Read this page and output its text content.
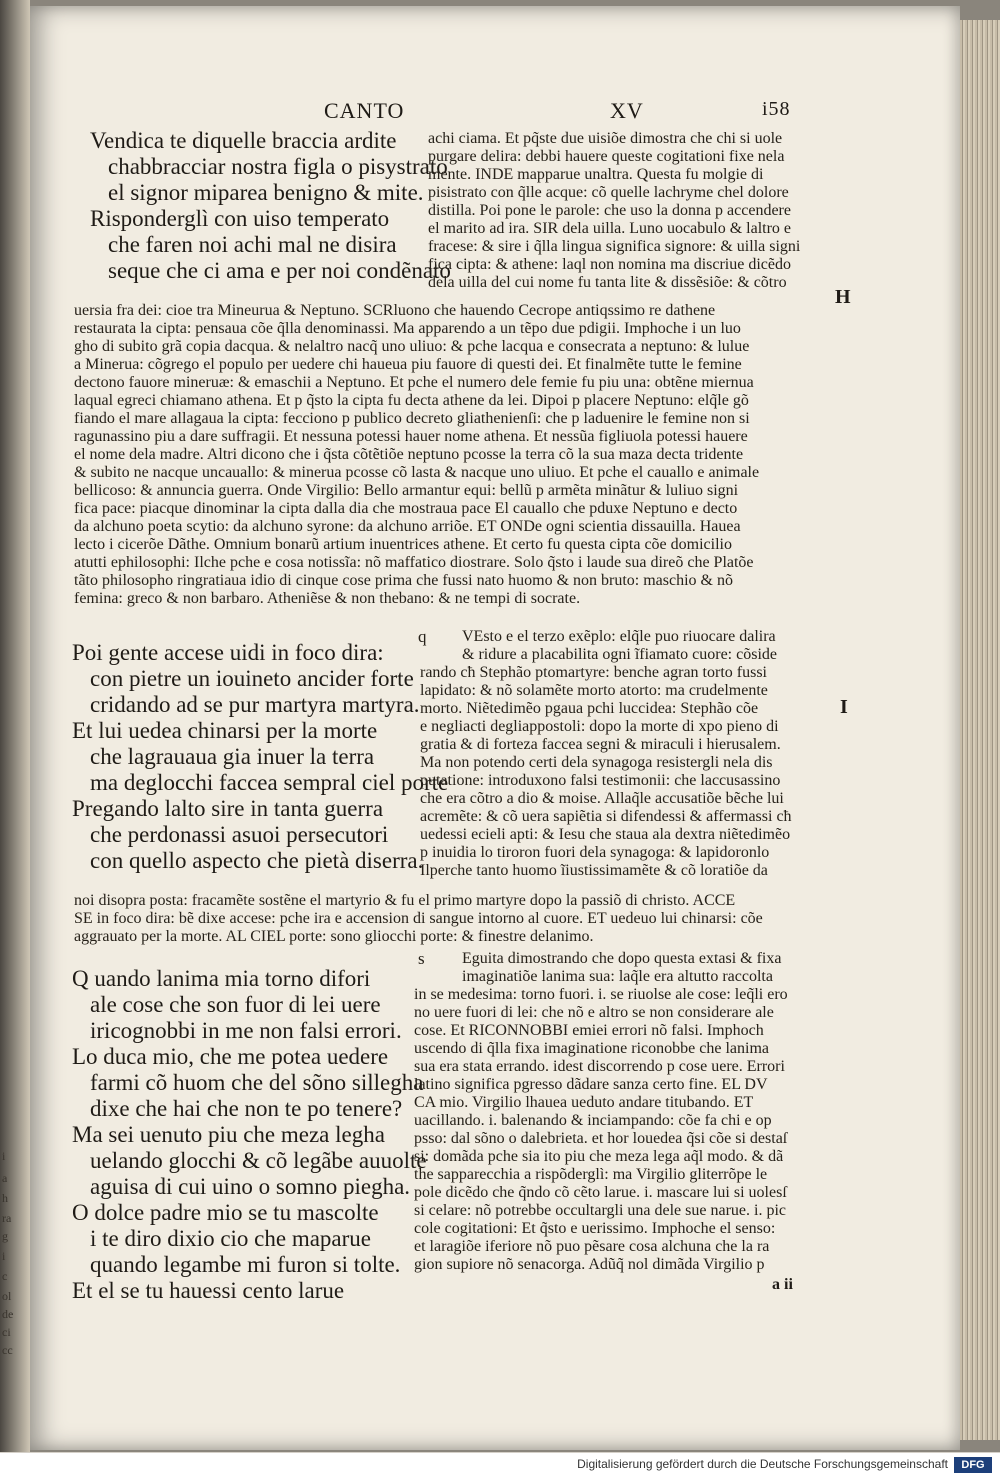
i
a
h
ra
g
i
c
ol
de
ci
cc
CANTO	XV	i58
Vendica te diquelle braccia ardite
chabbracciar nostra figla o pisystrato
el signor miparea benigno & mite.
Risponderglì con uiso temperato
che faren noi achi mal ne disira
seque che ci ama e per noi condẽnato
achi ciama. Et pq̃ste due uisiõe dimostra che chi si uole
purgare delira: debbi hauere queste cogitationi fixe nela
mente. INDE mapparue unaltra. Questa fu molgie di
pisistrato con q̃lle acque: cõ quelle lachryme chel dolore
distilla. Poi pone le parole: che uso la donna p accendere
el marito ad ira. SIR dela uilla. Luno uocabulo & laltro e
fracese: & sire i q̃lla lingua significa signore: & uilla signi
fica cipta: & athene: laql non nomina ma discriue dicẽdo
dela uilla del cui nome fu tanta lite & dissẽsiõe: & cõtro
H
uersia fra dei: cioe tra Mineurua & Neptuno. SCRluono che hauendo Cecrope antiqssimo re dathene
restaurata la cipta: pensaua cõe q̃lla denominassi. Ma apparendo a un tẽpo due pdigii. Imphoche i un luo
gho di subito grã copia dacqua. & nelaltro nacq̃ uno uliuo: & pche lacqua e consecrata a neptuno: & lulue
a Minerua: cõgrego el populo per uedere chi haueua piu fauore di questi dei. Et finalmẽte tutte le femine
dectono fauore mineruæ: & emaschii a Neptuno. Et pche el numero dele femie fu piu una: obtẽne miernua
laqual egreci chiamano athena. Et p q̃sto la cipta fu decta athene da lei. Dipoi p placere Neptuno: elq̃le gõ
fiando el mare allagaua la cipta: fecciono p publico decreto gliathenienſi: che p laduenire le femine non si
ragunassino piu a dare suffragii. Et nessuna potessi hauer nome athena. Et nessũa figliuola potessi hauere
el nome dela madre. Altri dicono che i q̃sta cõtẽtiõe neptuno pcosse la terra cõ la sua maza decta tridente
& subito ne nacque uncauallo: & minerua pcosse cõ lasta & nacque uno uliuo. Et pche el cauallo e animale
bellicoso: & annuncia guerra. Onde Virgilio: Bello armantur equi: bellũ p armẽta minãtur & luliuo signi
fica pace: piacque dinominar la cipta dalla dia che mostraua pace El cauallo che pduxe Neptuno e decto
da alchuno poeta scytio: da alchuno syrone: da alchuno arriõe. ET ONDe ogni scientia dissauilla. Hauea
lecto i cicerõe Dãthe. Omnium bonarũ artium inuentrices athene. Et certo fu questa cipta cõe domicilio
atutti ephilosophi: Ilche pche e cosa notissĩa: nõ maffatico diostrare. Solo q̃sto i laude sua direõ che Platõe
tãto philosopho ringratiaua idio di cinque cose prima che fussi nato huomo & non bruto: maschio & nõ
femina: greco & non barbaro. Atheniẽse & non thebano: & ne tempi di socrate.
Poi gente accese uidi in foco dira:
con pietre un iouineto ancider forte
cridando ad se pur martyra martyra.
Et lui uedea chinarsi per la morte
che lagrauaua gia inuer la terra
ma deglocchi faccea sempral ciel porte
Pregando lalto sire in tanta guerra
che perdonassi asuoi persecutori
con quello aspecto che pietà diserra.
q VEsto e el terzo exẽplo: elq̃le puo riuocare dalira
& ridure a placabilita ogni ĩfiamato cuore: cõside
rando cħ Stephão ptomartyre: benche agran torto fussi
lapidato: & nõ solamẽte morto atorto: ma crudelmente
morto. Niẽtedimẽo pgaua pchi luccidea: Stephão cõe
e negliacti degliappostoli: dopo la morte di xpo pieno di
gratia & di forteza faccea segni & miraculi i hierusalem.
Ma non potendo certi dela synagoga resistergli nela dis
putatione: introduxono falsi testimonii: che laccusassino
che era cõtro a dio & moise. Allaq̃le accusatiõe bẽche lui
acremẽte: & cõ uera sapiẽtia si difendessi & affermassi cħ
uedessi ecieli apti: & Iesu che staua ala dextra niẽtedimẽo
p inuidia lo tiroron fuori dela synagoga: & lapidoronlo
Ilperche tanto huomo ĩiustissimamẽte & cõ loratiõe da
I
noi disopra posta: fracamẽte sostẽne el martyrio & fu el primo martyre dopo la passiõ di christo. ACCE
SE in foco dira: bẽ dixe accese: pche ira e accension di sangue intorno al cuore. ET uedeuo lui chinarsi: cõe
aggrauato per la morte. AL CIEL porte: sono gliocchi porte: & finestre delanimo.
Q uando lanima mia torno difori
ale cose che son fuor di lei uere
iricognobbi in me non falsi errori.
Lo duca mio, che me potea uedere
farmi cõ huom che del sõno sillegha
dixe che hai che non te po tenere?
Ma sei uenuto piu che meza legha
uelando glocchi & cõ legãbe auuolte
aguisa di cui uino o somno piegha.
O dolce padre mio se tu mascolte
i te diro dixio cio che maparue
quando legambe mi furon si tolte.
Et el se tu hauessi cento larue
s Eguita dimostrando che dopo questa extasi & fixa
imaginatiõe lanima sua: laq̃le era altutto raccolta
in se medesima: torno fuori. i. se riuolse ale cose: leq̃li ero
no uere fuori di lei: che nõ e altro se non considerare ale
cose. Et RICONNOBBI emiei errori nõ falsi. Imphoch
uscendo di q̃lla fixa imaginatione riconobbe che lanima
sua era stata errando. idest discorrendo p cose uere. Errori
latino significa pgresso dãdare sanza certo fine. EL DV
CA mio. Virgilio lhauea ueduto andare titubando. ET
uacillando. i. balenando & inciampando: cõe fa chi e op
psso: dal sõno o dalebrieta. et hor louedea q̃si cõe si destaſ
si: domãda pche sia ito piu che meza lega aq̃l modo. & dã
the sapparecchia a rispõderglì: ma Virgilio gliterrõpe le
pole dicẽdo che q̃ndo cõ cẽto larue. i. mascare lui si uolesſ
si celare: nõ potrebbe occultargli una dele sue narue. i. pic
cole cogitationi: Et q̃sto e uerissimo. Imphoche el senso:
et laragiõe iferiore nõ puo pẽsare cosa alchuna che la ra
gion supiore nõ senacorga. Adũq̃ nol dimãda Virgilio p
a ii
Digitalisierung gefördert durch die Deutsche Forschungsgemeinschaft	DFG
